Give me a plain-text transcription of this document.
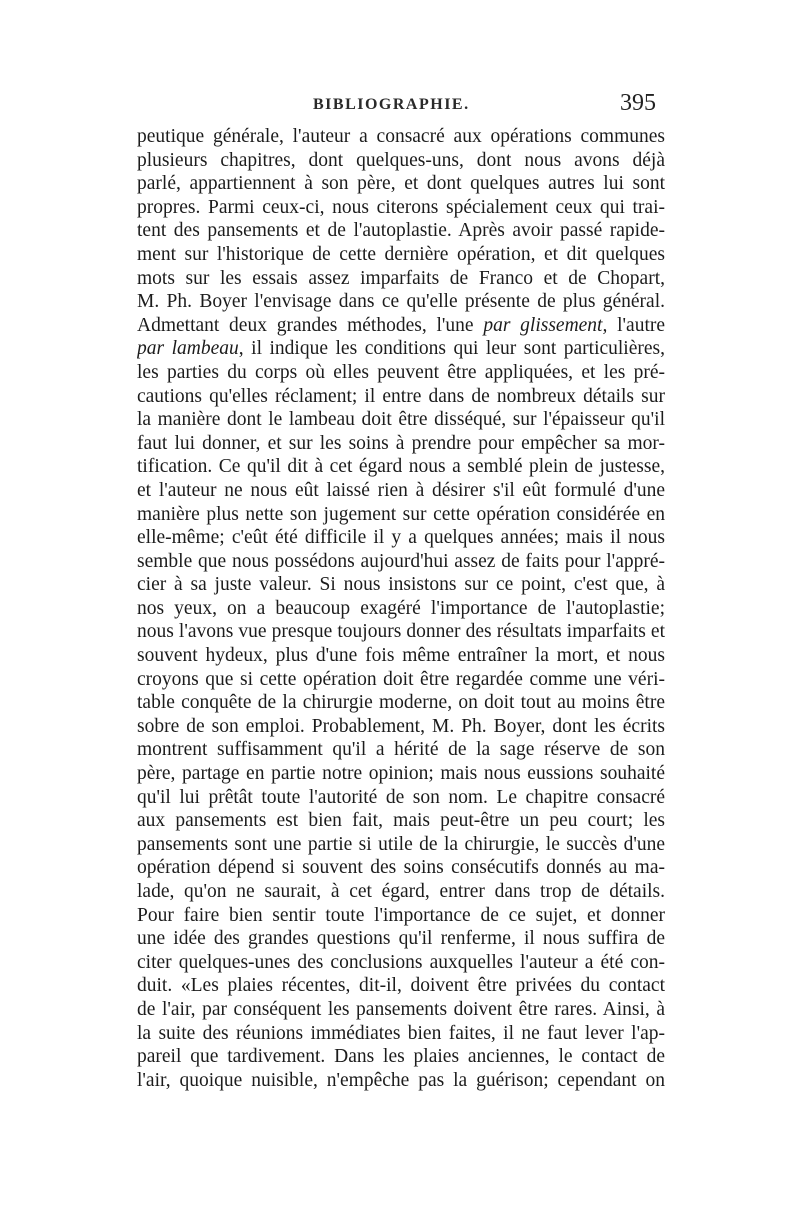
BIBLIOGRAPHIE.	395
peutique générale, l'auteur a consacré aux opérations communes
plusieurs chapitres, dont quelques-uns, dont nous avons déjà
parlé, appartiennent à son père, et dont quelques autres lui sont
propres. Parmi ceux-ci, nous citerons spécialement ceux qui trai-
tent des pansements et de l'autoplastie. Après avoir passé rapide-
ment sur l'historique de cette dernière opération, et dit quelques
mots sur les essais assez imparfaits de Franco et de Chopart,
M. Ph. Boyer l'envisage dans ce qu'elle présente de plus général.
Admettant deux grandes méthodes, l'une par glissement, l'autre
par lambeau, il indique les conditions qui leur sont particulières,
les parties du corps où elles peuvent être appliquées, et les pré-
cautions qu'elles réclament; il entre dans de nombreux détails sur
la manière dont le lambeau doit être disséqué, sur l'épaisseur qu'il
faut lui donner, et sur les soins à prendre pour empêcher sa mor-
tification. Ce qu'il dit à cet égard nous a semblé plein de justesse,
et l'auteur ne nous eût laissé rien à désirer s'il eût formulé d'une
manière plus nette son jugement sur cette opération considérée en
elle-même; c'eût été difficile il y a quelques années; mais il nous
semble que nous possédons aujourd'hui assez de faits pour l'appré-
cier à sa juste valeur. Si nous insistons sur ce point, c'est que, à
nos yeux, on a beaucoup exagéré l'importance de l'autoplastie;
nous l'avons vue presque toujours donner des résultats imparfaits et
souvent hydeux, plus d'une fois même entraîner la mort, et nous
croyons que si cette opération doit être regardée comme une véri-
table conquête de la chirurgie moderne, on doit tout au moins être
sobre de son emploi. Probablement, M. Ph. Boyer, dont les écrits
montrent suffisamment qu'il a hérité de la sage réserve de son
père, partage en partie notre opinion; mais nous eussions souhaité
qu'il lui prêtât toute l'autorité de son nom. Le chapitre consacré
aux pansements est bien fait, mais peut-être un peu court; les
pansements sont une partie si utile de la chirurgie, le succès d'une
opération dépend si souvent des soins consécutifs donnés au ma-
lade, qu'on ne saurait, à cet égard, entrer dans trop de détails.
Pour faire bien sentir toute l'importance de ce sujet, et donner
une idée des grandes questions qu'il renferme, il nous suffira de
citer quelques-unes des conclusions auxquelles l'auteur a été con-
duit. «Les plaies récentes, dit-il, doivent être privées du contact
de l'air, par conséquent les pansements doivent être rares. Ainsi, à
la suite des réunions immédiates bien faites, il ne faut lever l'ap-
pareil que tardivement. Dans les plaies anciennes, le contact de
l'air, quoique nuisible, n'empêche pas la guérison; cependant on
